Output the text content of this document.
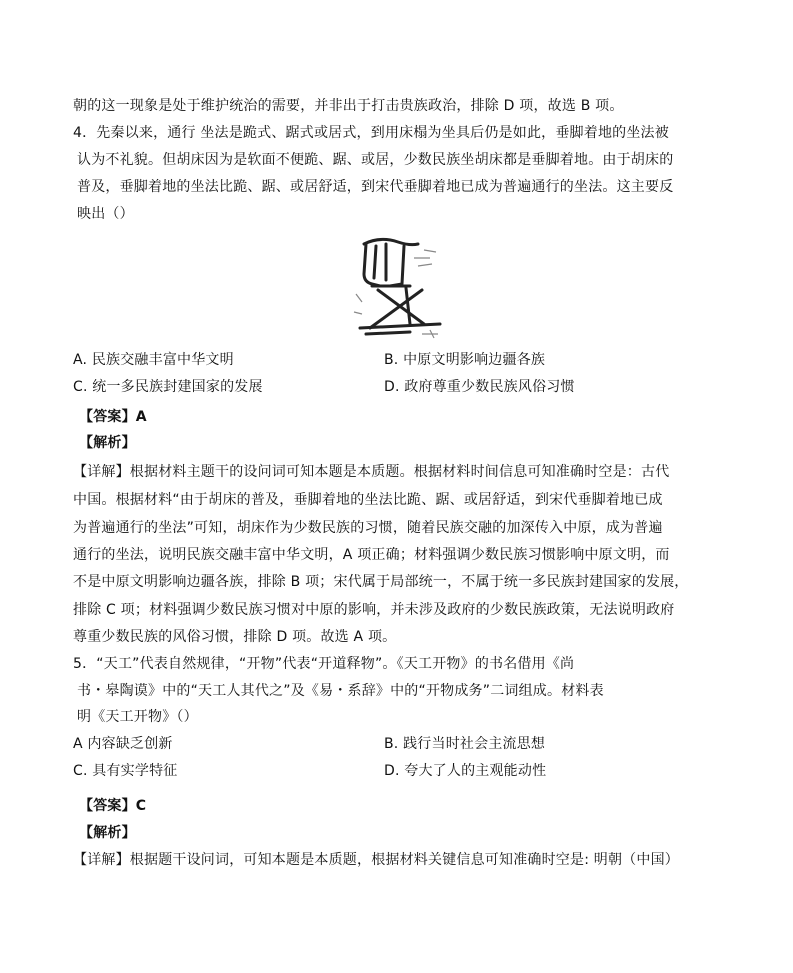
朝的这一现象是处于维护统治的需要，并非出于打击贵族政治，排除 D 项，故选 B 项。
4．先秦以来，通行 坐法是跪式、踞式或居式，到用床榻为坐具后仍是如此，垂脚着地的坐法被
认为不礼貌。但胡床因为是软面不便跪、踞、或居，少数民族坐胡床都是垂脚着地。由于胡床的
普及，垂脚着地的坐法比跪、踞、或居舒适，到宋代垂脚着地已成为普遍通行的坐法。这主要反
映出（）
A. 民族交融丰富中华文明	B. 中原文明影响边疆各族
C. 统一多民族封建国家的发展	D. 政府尊重少数民族风俗习惯
【答案】A
【解析】
【详解】根据材料主题干的设问词可知本题是本质题。根据材料时间信息可知准确时空是：古代
中国。根据材料“由于胡床的普及，垂脚着地的坐法比跪、踞、或居舒适，到宋代垂脚着地已成
为普遍通行的坐法”可知，胡床作为少数民族的习惯，随着民族交融的加深传入中原，成为普遍
通行的坐法，说明民族交融丰富中华文明，A 项正确；材料强调少数民族习惯影响中原文明，而
不是中原文明影响边疆各族，排除 B 项；宋代属于局部统一，不属于统一多民族封建国家的发展，
排除 C 项；材料强调少数民族习惯对中原的影响，并未涉及政府的少数民族政策，无法说明政府
尊重少数民族的风俗习惯，排除 D 项。故选 A 项。
5．“天工”代表自然规律，“开物”代表“开道释物”。《天工开物》的书名借用《尚
书・皋陶谟》中的“天工人其代之”及《易・系辞》中的“开物成务”二词组成。材料表
明《天工开物》（）
A 内容缺乏创新	B. 践行当时社会主流思想
C. 具有实学特征	D. 夸大了人的主观能动性
【答案】C
【解析】
【详解】根据题干设问词，可知本题是本质题，根据材料关键信息可知准确时空是: 明朝（中国）
